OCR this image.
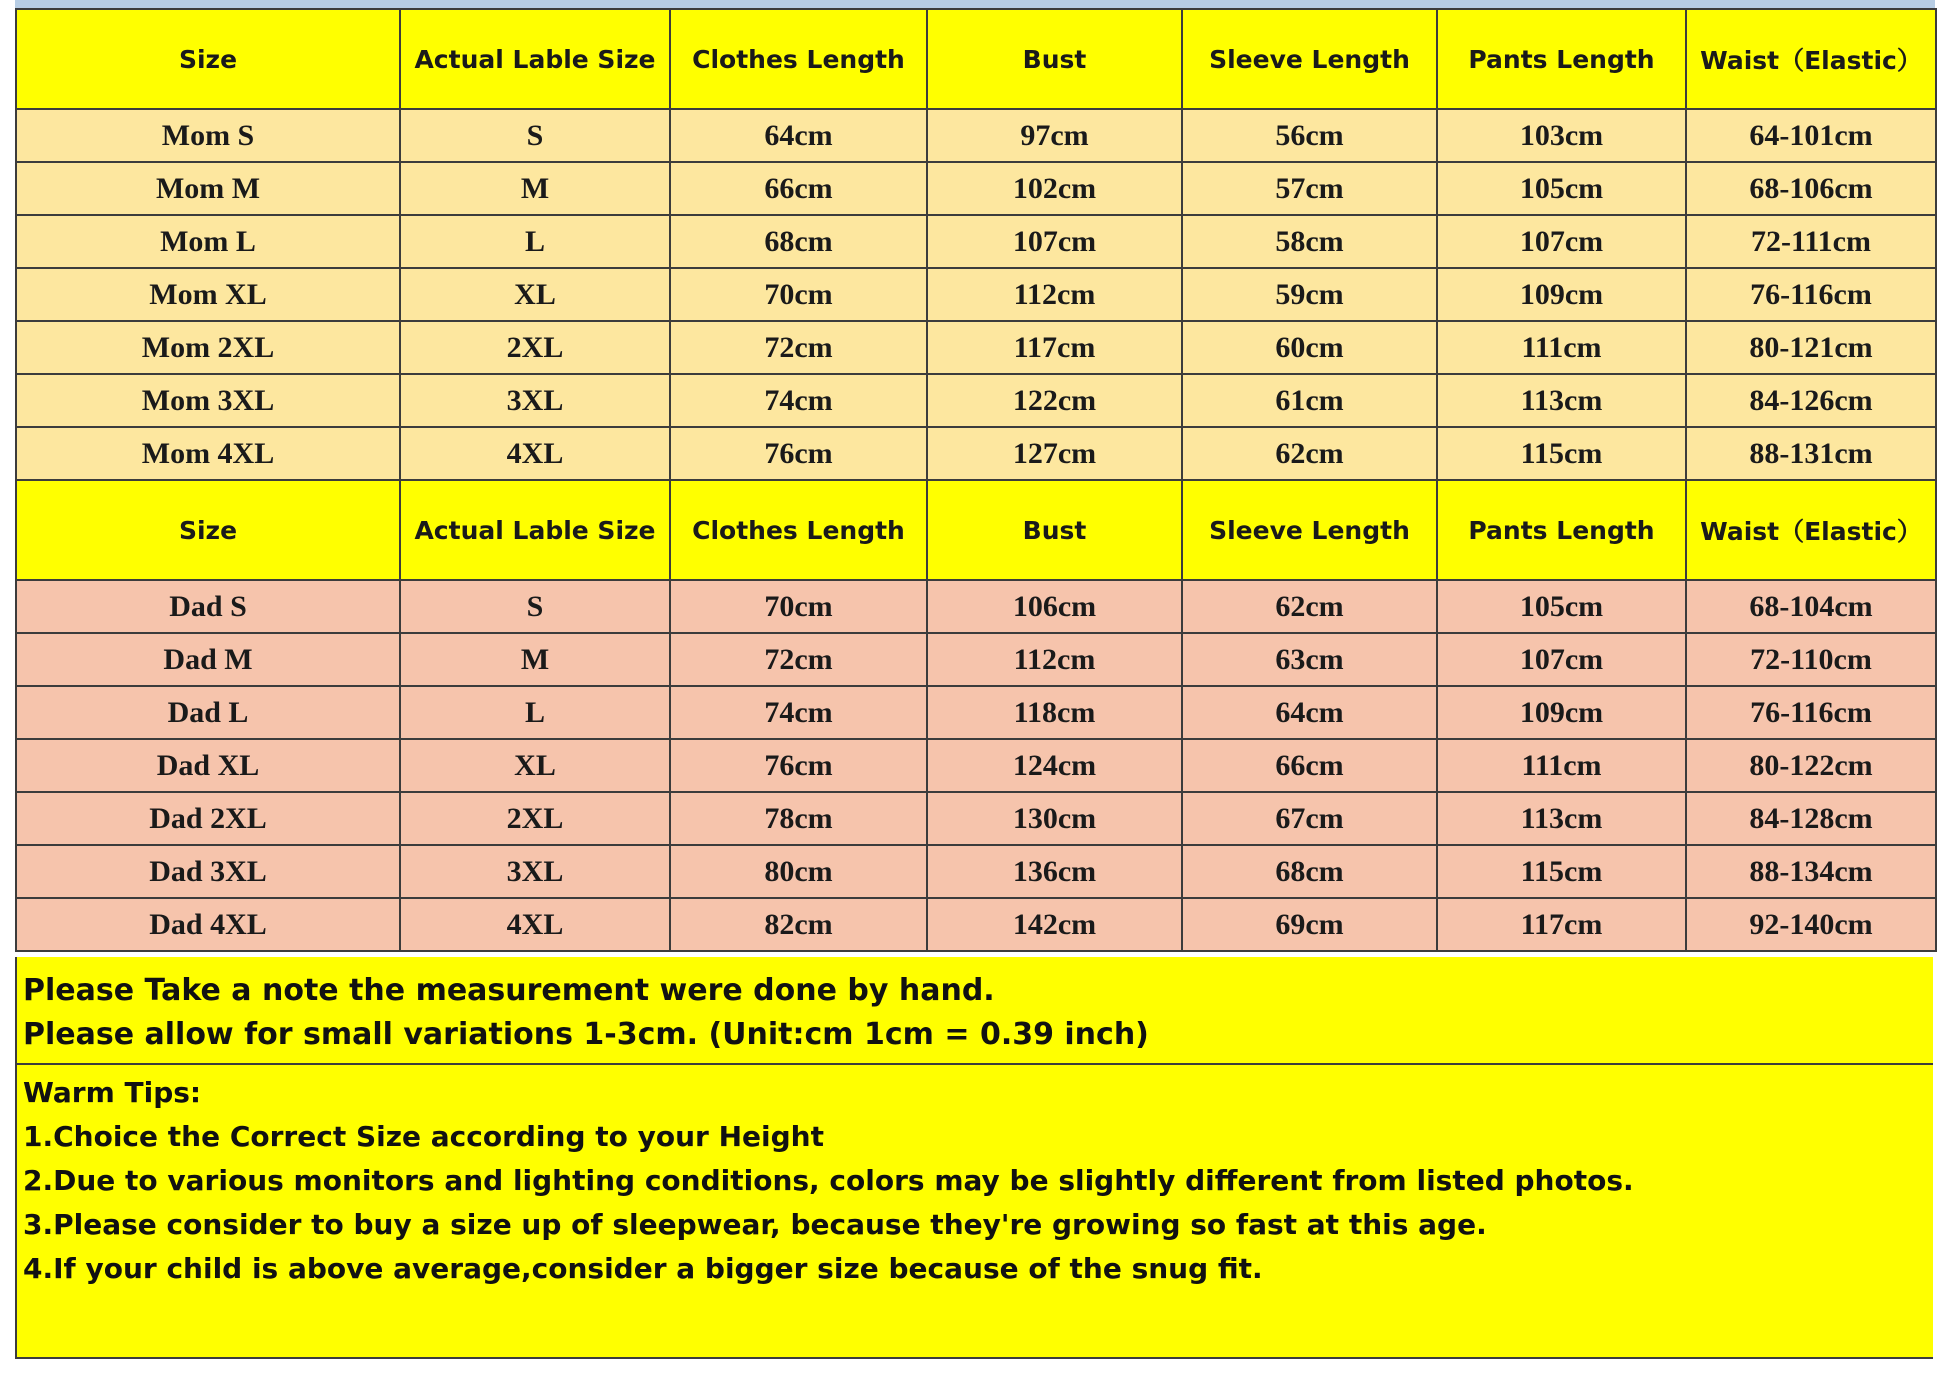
Size	Actual Lable Size	Clothes Length	Bust	Sleeve Length	Pants Length	Waist（Elastic）
Mom S	S	64cm	97cm	56cm	103cm	64-101cm
Mom M	M	66cm	102cm	57cm	105cm	68-106cm
Mom L	L	68cm	107cm	58cm	107cm	72-111cm
Mom XL	XL	70cm	112cm	59cm	109cm	76-116cm
Mom 2XL	2XL	72cm	117cm	60cm	111cm	80-121cm
Mom 3XL	3XL	74cm	122cm	61cm	113cm	84-126cm
Mom 4XL	4XL	76cm	127cm	62cm	115cm	88-131cm
Size	Actual Lable Size	Clothes Length	Bust	Sleeve Length	Pants Length	Waist（Elastic）
Dad S	S	70cm	106cm	62cm	105cm	68-104cm
Dad M	M	72cm	112cm	63cm	107cm	72-110cm
Dad L	L	74cm	118cm	64cm	109cm	76-116cm
Dad XL	XL	76cm	124cm	66cm	111cm	80-122cm
Dad 2XL	2XL	78cm	130cm	67cm	113cm	84-128cm
Dad 3XL	3XL	80cm	136cm	68cm	115cm	88-134cm
Dad 4XL	4XL	82cm	142cm	69cm	117cm	92-140cm
Please Take a note the measurement were done by hand.
Please allow for small variations 1-3cm. (Unit:cm 1cm = 0.39 inch)
Warm Tips:
1.Choice the Correct Size according to your Height
2.Due to various monitors and lighting conditions, colors may be slightly different from listed photos.
3.Please consider to buy a size up of sleepwear, because they're growing so fast at this age.
4.If your child is above average,consider a bigger size because of the snug fit.
